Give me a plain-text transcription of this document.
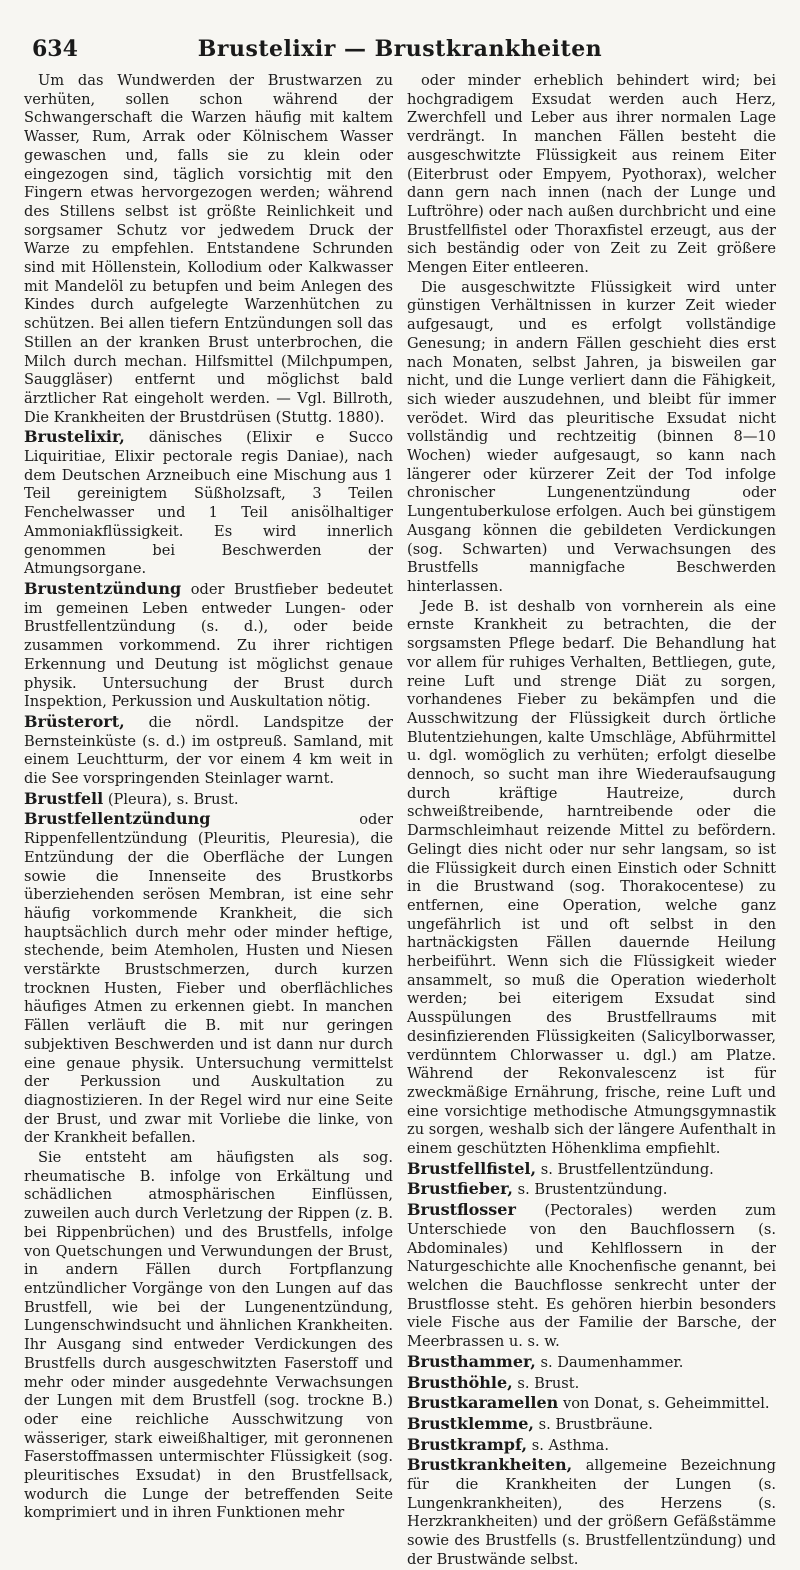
634	Brustelixir — Brustkrankheiten

Um das Wundwerden der Brustwarzen zu verhüten, sollen schon während der Schwangerschaft die Warzen häufig mit kaltem Wasser, Rum, Arrak oder Kölnischem Wasser gewaschen und, falls sie zu klein oder eingezogen sind, täglich vorsichtig mit den Fingern etwas hervorgezogen werden; während des Stillens selbst ist größte Reinlichkeit und sorgsamer Schutz vor jedwedem Druck der Warze zu empfehlen. Entstandene Schrunden sind mit Höllenstein, Kollodium oder Kalkwasser mit Mandelöl zu betupfen und beim Anlegen des Kindes durch aufgelegte Warzenhütchen zu schützen. Bei allen tiefern Entzündungen soll das Stillen an der kranken Brust unterbrochen, die Milch durch mechan. Hilfsmittel (Milchpumpen, Sauggläser) entfernt und möglichst bald ärztlicher Rat eingeholt werden. — Vgl. Billroth, Die Krankheiten der Brustdrüsen (Stuttg. 1880).

Brustelixir, dänisches (Elixir e Succo Liquiritiae, Elixir pectorale regis Daniae), nach dem Deutschen Arzneibuch eine Mischung aus 1 Teil gereinigtem Süßholzsaft, 3 Teilen Fenchelwasser und 1 Teil anisölhaltiger Ammoniakflüssigkeit. Es wird innerlich genommen bei Beschwerden der Atmungsorgane.

Brustentzündung oder Brustfieber bedeutet im gemeinen Leben entweder Lungen- oder Brustfellentzündung (s. d.), oder beide zusammen vorkommend. Zu ihrer richtigen Erkennung und Deutung ist möglichst genaue physik. Untersuchung der Brust durch Inspektion, Perkussion und Auskultation nötig.

Brüsterort, die nördl. Landspitze der Bernsteinküste (s. d.) im ostpreuß. Samland, mit einem Leuchtturm, der vor einem 4 km weit in die See vorspringenden Steinlager warnt.

Brustfell (Pleura), s. Brust.

Brustfellentzündung oder Rippenfellentzündung (Pleuritis, Pleuresia), die Entzündung der die Oberfläche der Lungen sowie die Innenseite des Brustkorbs überziehenden serösen Membran, ist eine sehr häufig vorkommende Krankheit, die sich hauptsächlich durch mehr oder minder heftige, stechende, beim Atemholen, Husten und Niesen verstärkte Brustschmerzen, durch kurzen trocknen Husten, Fieber und oberflächliches häufiges Atmen zu erkennen giebt. In manchen Fällen verläuft die B. mit nur geringen subjektiven Beschwerden und ist dann nur durch eine genaue physik. Untersuchung vermittelst der Perkussion und Auskultation zu diagnostizieren. In der Regel wird nur eine Seite der Brust, und zwar mit Vorliebe die linke, von der Krankheit befallen.

Sie entsteht am häufigsten als sog. rheumatische B. infolge von Erkältung und schädlichen atmosphärischen Einflüssen, zuweilen auch durch Verletzung der Rippen (z. B. bei Rippenbrüchen) und des Brustfells, infolge von Quetschungen und Verwundungen der Brust, in andern Fällen durch Fortpflanzung entzündlicher Vorgänge von den Lungen auf das Brustfell, wie bei der Lungenentzündung, Lungenschwindsucht und ähnlichen Krankheiten. Ihr Ausgang sind entweder Verdickungen des Brustfells durch ausgeschwitzten Faserstoff und mehr oder minder ausgedehnte Verwachsungen der Lungen mit dem Brustfell (sog. trockne B.) oder eine reichliche Ausschwitzung von wässeriger, stark eiweißhaltiger, mit geronnenen Faserstoffmassen untermischter Flüssigkeit (sog. pleuritisches Exsudat) in den Brustfellsack, wodurch die Lunge der betreffenden Seite komprimiert und in ihren Funktionen mehr

oder minder erheblich behindert wird; bei hochgradigem Exsudat werden auch Herz, Zwerchfell und Leber aus ihrer normalen Lage verdrängt. In manchen Fällen besteht die ausgeschwitzte Flüssigkeit aus reinem Eiter (Eiterbrust oder Empyem, Pyothorax), welcher dann gern nach innen (nach der Lunge und Luftröhre) oder nach außen durchbricht und eine Brustfellfistel oder Thoraxfistel erzeugt, aus der sich beständig oder von Zeit zu Zeit größere Mengen Eiter entleeren.

Die ausgeschwitzte Flüssigkeit wird unter günstigen Verhältnissen in kurzer Zeit wieder aufgesaugt, und es erfolgt vollständige Genesung; in andern Fällen geschieht dies erst nach Monaten, selbst Jahren, ja bisweilen gar nicht, und die Lunge verliert dann die Fähigkeit, sich wieder auszudehnen, und bleibt für immer verödet. Wird das pleuritische Exsudat nicht vollständig und rechtzeitig (binnen 8—10 Wochen) wieder aufgesaugt, so kann nach längerer oder kürzerer Zeit der Tod infolge chronischer Lungenentzündung oder Lungentuberkulose erfolgen. Auch bei günstigem Ausgang können die gebildeten Verdickungen (sog. Schwarten) und Verwachsungen des Brustfells mannigfache Beschwerden hinterlassen.

Jede B. ist deshalb von vornherein als eine ernste Krankheit zu betrachten, die der sorgsamsten Pflege bedarf. Die Behandlung hat vor allem für ruhiges Verhalten, Bettliegen, gute, reine Luft und strenge Diät zu sorgen, vorhandenes Fieber zu bekämpfen und die Ausschwitzung der Flüssigkeit durch örtliche Blutentziehungen, kalte Umschläge, Abführmittel u. dgl. womöglich zu verhüten; erfolgt dieselbe dennoch, so sucht man ihre Wiederaufsaugung durch kräftige Hautreize, durch schweißtreibende, harntreibende oder die Darmschleimhaut reizende Mittel zu befördern. Gelingt dies nicht oder nur sehr langsam, so ist die Flüssigkeit durch einen Einstich oder Schnitt in die Brustwand (sog. Thorakocentese) zu entfernen, eine Operation, welche ganz ungefährlich ist und oft selbst in den hartnäckigsten Fällen dauernde Heilung herbeiführt. Wenn sich die Flüssigkeit wieder ansammelt, so muß die Operation wiederholt werden; bei eiterigem Exsudat sind Ausspülungen des Brustfellraums mit desinfizierenden Flüssigkeiten (Salicylborwasser, verdünntem Chlorwasser u. dgl.) am Platze. Während der Rekonvalescenz ist für zweckmäßige Ernährung, frische, reine Luft und eine vorsichtige methodische Atmungsgymnastik zu sorgen, weshalb sich der längere Aufenthalt in einem geschützten Höhenklima empfiehlt.

Brustfellfistel, s. Brustfellentzündung.

Brustfieber, s. Brustentzündung.

Brustflosser (Pectorales) werden zum Unterschiede von den Bauchflossern (s. Abdominales) und Kehlflossern in der Naturgeschichte alle Knochenfische genannt, bei welchen die Bauchflosse senkrecht unter der Brustflosse steht. Es gehören hierbin besonders viele Fische aus der Familie der Barsche, der Meerbrassen u. s. w.

Brusthammer, s. Daumenhammer.

Brusthöhle, s. Brust.

Brustkaramellen von Donat, s. Geheimmittel.

Brustklemme, s. Brustbräune.

Brustkrampf, s. Asthma.

Brustkrankheiten, allgemeine Bezeichnung für die Krankheiten der Lungen (s. Lungenkrankheiten), des Herzens (s. Herzkrankheiten) und der größern Gefäßstämme sowie des Brustfells (s. Brustfellentzündung) und der Brustwände selbst.
